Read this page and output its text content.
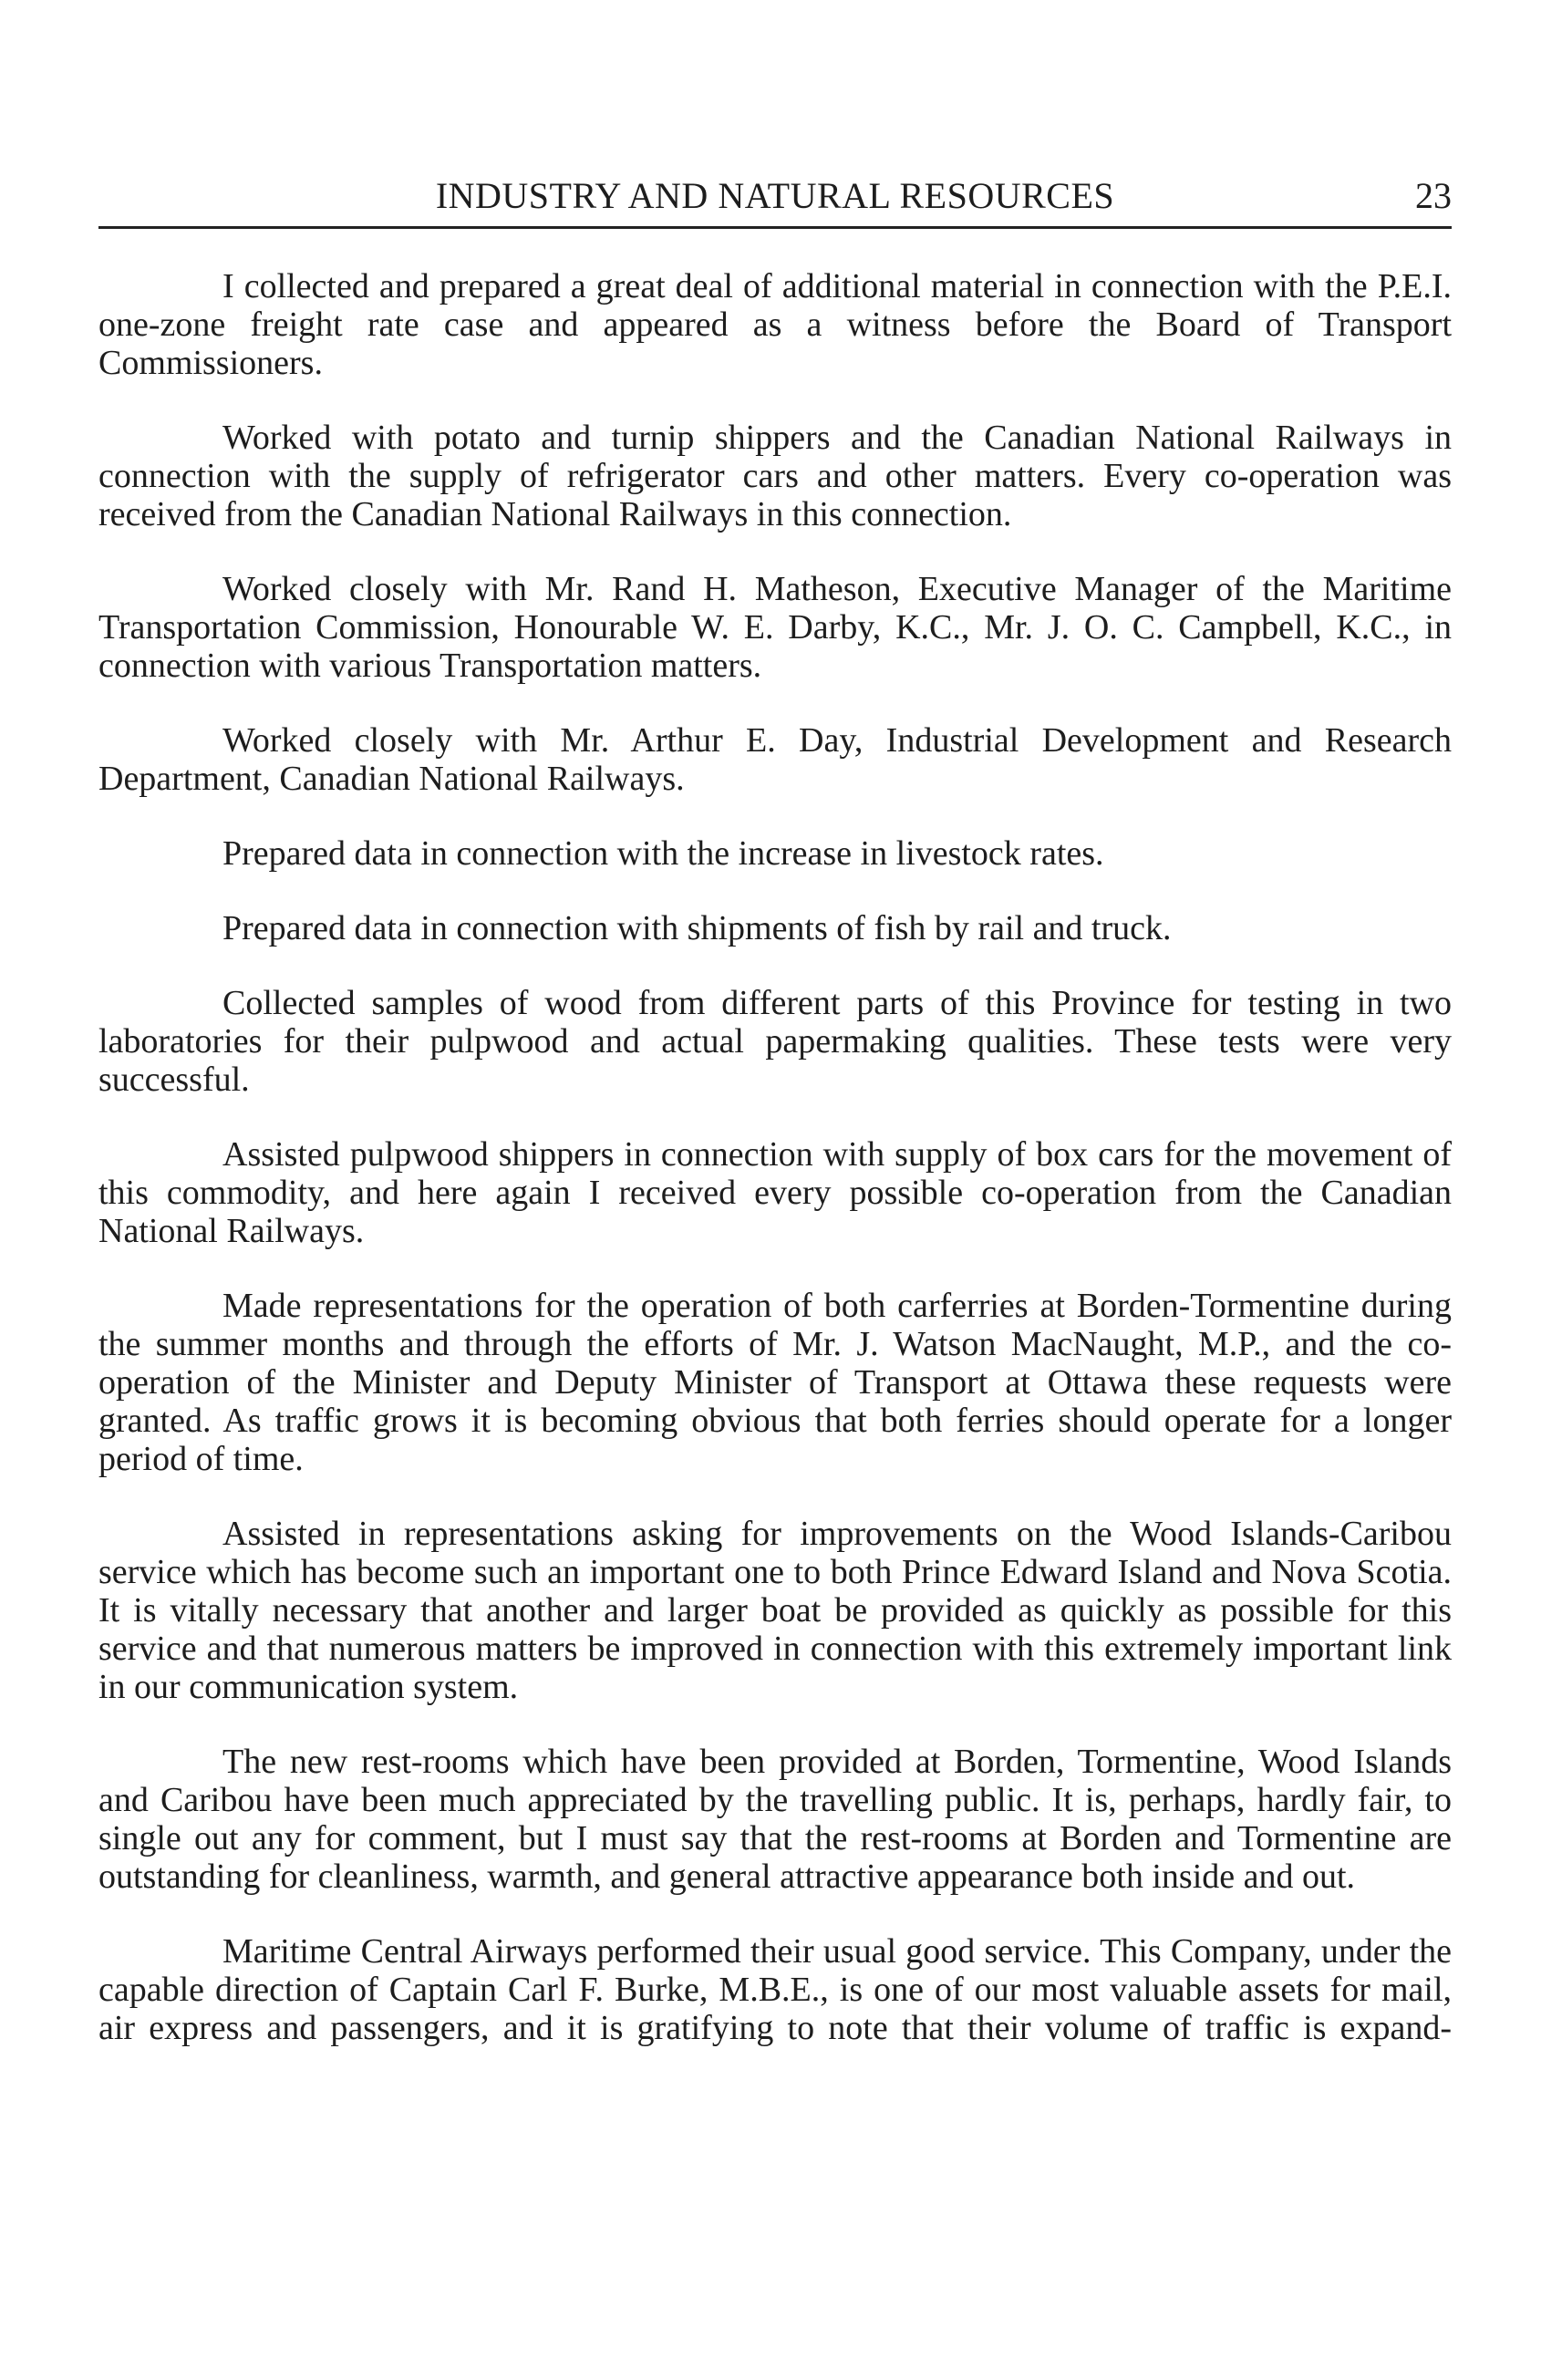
INDUSTRY AND NATURAL RESOURCES	23

I collected and prepared a great deal of additional material in connection with the P.E.I. one-zone freight rate case and appeared as a witness before the Board of Transport Commissioners.

Worked with potato and turnip shippers and the Canadian National Railways in connection with the supply of refrigerator cars and other matters. Every co-operation was received from the Canadian National Railways in this connection.

Worked closely with Mr. Rand H. Matheson, Executive Manager of the Maritime Transportation Commission, Honourable W. E. Darby, K.C., Mr. J. O. C. Campbell, K.C., in connection with various Transportation matters.

Worked closely with Mr. Arthur E. Day, Industrial Development and Research Department, Canadian National Railways.

Prepared data in connection with the increase in livestock rates.

Prepared data in connection with shipments of fish by rail and truck.

Collected samples of wood from different parts of this Province for testing in two laboratories for their pulpwood and actual papermaking qualities. These tests were very successful.

Assisted pulpwood shippers in connection with supply of box cars for the movement of this commodity, and here again I received every possible co-operation from the Canadian National Railways.

Made representations for the operation of both carferries at Borden-Tormentine during the summer months and through the efforts of Mr. J. Watson MacNaught, M.P., and the co-operation of the Minister and Deputy Minister of Transport at Ottawa these requests were granted. As traffic grows it is becoming obvious that both ferries should operate for a longer period of time.

Assisted in representations asking for improvements on the Wood Islands-Caribou service which has become such an important one to both Prince Edward Island and Nova Scotia. It is vitally necessary that another and larger boat be provided as quickly as possible for this service and that numerous matters be improved in connection with this extremely important link in our communication system.

The new rest-rooms which have been provided at Borden, Tormentine, Wood Islands and Caribou have been much appreciated by the travelling public. It is, perhaps, hardly fair, to single out any for comment, but I must say that the rest-rooms at Borden and Tormentine are outstanding for cleanliness, warmth, and general attractive appearance both inside and out.

Maritime Central Airways performed their usual good service. This Company, under the capable direction of Captain Carl F. Burke, M.B.E., is one of our most valuable assets for mail, air express and passengers, and it is gratifying to note that their volume of traffic is expand-
